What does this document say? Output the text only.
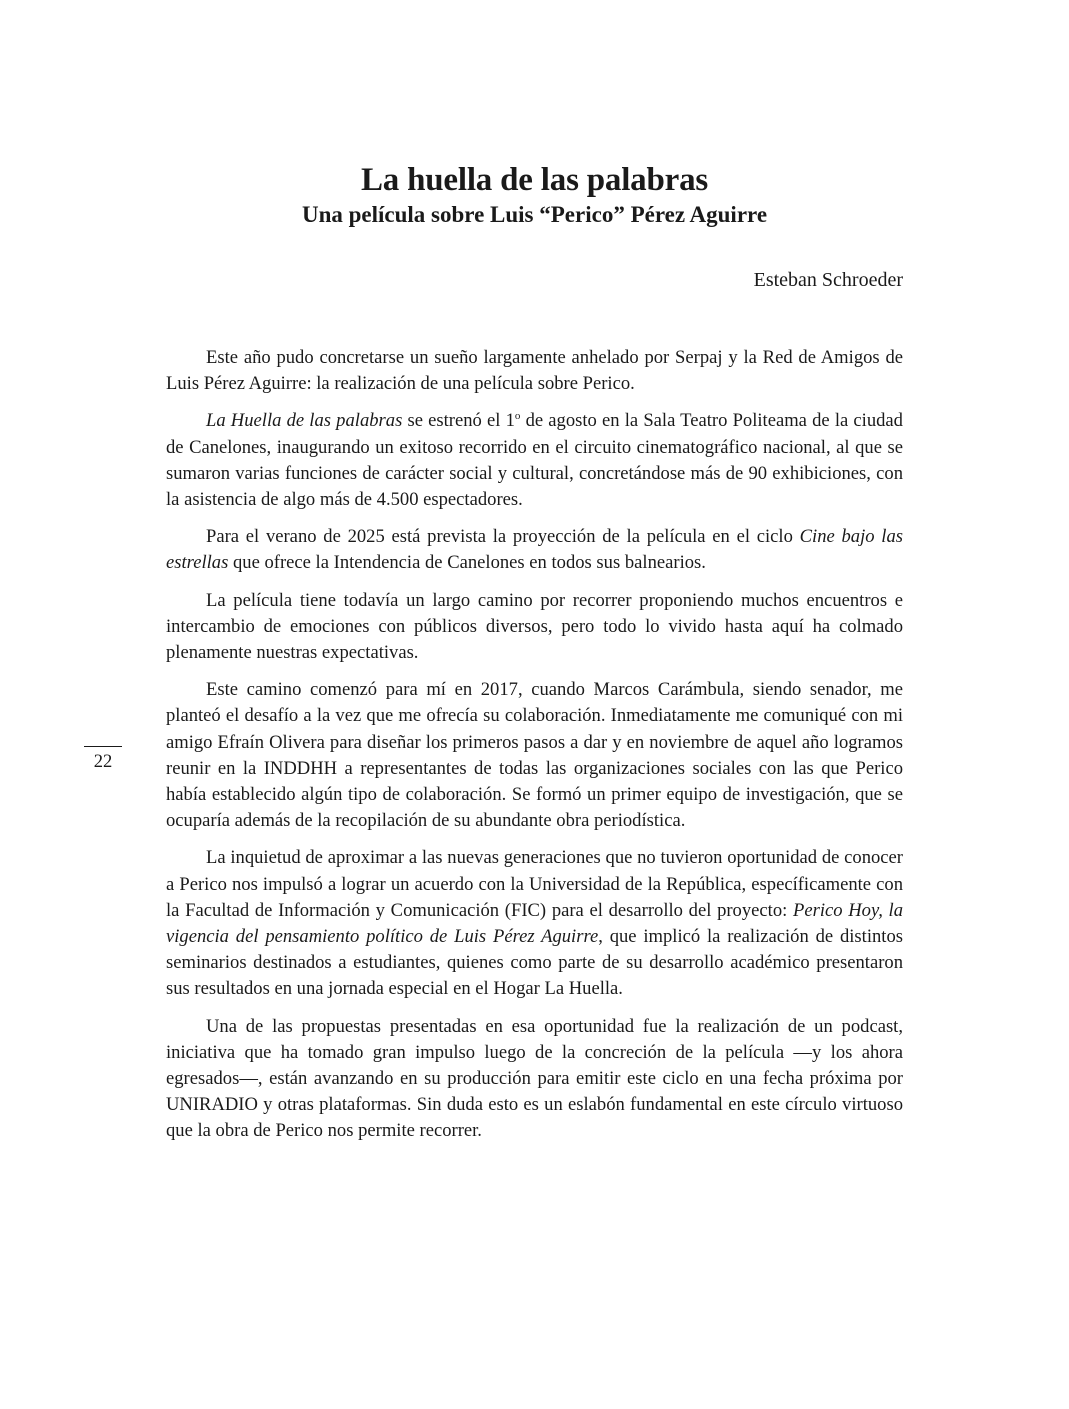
La huella de las palabras
Una película sobre Luis “Perico” Pérez Aguirre

Esteban Schroeder

22

Este año pudo concretarse un sueño largamente anhelado por Serpaj y la Red de Amigos de Luis Pérez Aguirre: la realización de una película sobre Perico.

La Huella de las palabras se estrenó el 1$^o$ de agosto en la Sala Teatro Politeama de la ciudad de Canelones, inaugurando un exitoso recorrido en el circuito cinematográfico nacional, al que se sumaron varias funciones de carácter social y cultural, concretándose más de 90 exhibiciones, con la asistencia de algo más de 4.500 espectadores.

Para el verano de 2025 está prevista la proyección de la película en el ciclo Cine bajo las estrellas que ofrece la Intendencia de Canelones en todos sus balnearios.

La película tiene todavía un largo camino por recorrer proponiendo muchos encuentros e intercambio de emociones con públicos diversos, pero todo lo vivido hasta aquí ha colmado plenamente nuestras expectativas.

Este camino comenzó para mí en 2017, cuando Marcos Carámbula, siendo senador, me planteó el desafío a la vez que me ofrecía su colaboración. Inmediatamente me comuniqué con mi amigo Efraín Olivera para diseñar los primeros pasos a dar y en noviembre de aquel año logramos reunir en la INDDHH a representantes de todas las organizaciones sociales con las que Perico había establecido algún tipo de colaboración. Se formó un primer equipo de investigación, que se ocuparía además de la recopilación de su abundante obra periodística.

La inquietud de aproximar a las nuevas generaciones que no tuvieron oportunidad de conocer a Perico nos impulsó a lograr un acuerdo con la Universidad de la República, específicamente con la Facultad de Información y Comunicación (FIC) para el desarrollo del proyecto: Perico Hoy, la vigencia del pensamiento político de Luis Pérez Aguirre, que implicó la realización de distintos seminarios destinados a estudiantes, quienes como parte de su desarrollo académico presentaron sus resultados en una jornada especial en el Hogar La Huella.

Una de las propuestas presentadas en esa oportunidad fue la realización de un podcast, iniciativa que ha tomado gran impulso luego de la concreción de la película —y los ahora egresados—, están avanzando en su producción para emitir este ciclo en una fecha próxima por UNIRADIO y otras plataformas. Sin duda esto es un eslabón fundamental en este círculo virtuoso que la obra de Perico nos permite recorrer.
